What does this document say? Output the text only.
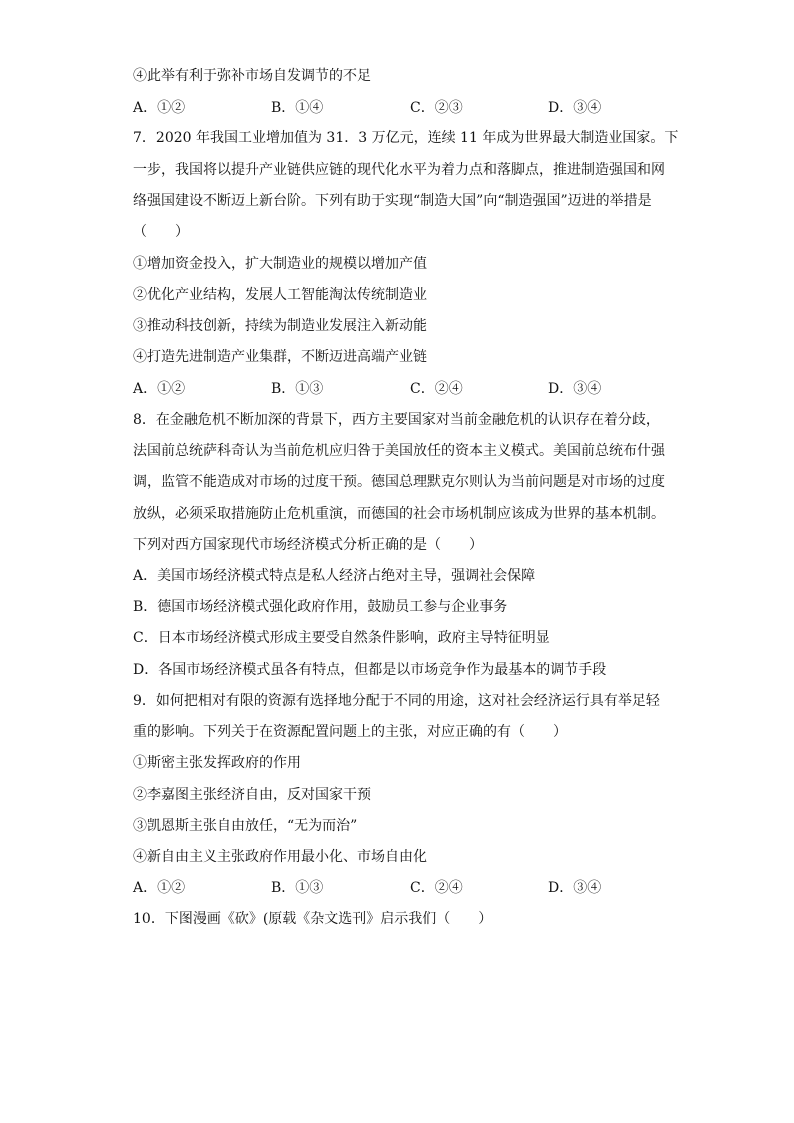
④此举有利于弥补市场自发调节的不足
A．①②	B．①④	C．②③	D．③④
7．2020 年我国工业增加值为 31．3 万亿元，连续 11 年成为世界最大制造业国家。下
一步，我国将以提升产业链供应链的现代化水平为着力点和落脚点，推进制造强国和网
络强国建设不断迈上新台阶。下列有助于实现“制造大国”向“制造强国”迈进的举措是
（　　）
①增加资金投入，扩大制造业的规模以增加产值
②优化产业结构，发展人工智能淘汰传统制造业
③推动科技创新，持续为制造业发展注入新动能
④打造先进制造产业集群，不断迈进高端产业链
A．①②	B．①③	C．②④	D．③④
8．在金融危机不断加深的背景下，西方主要国家对当前金融危机的认识存在着分歧，
法国前总统萨科奇认为当前危机应归咎于美国放任的资本主义模式。美国前总统布什强
调，监管不能造成对市场的过度干预。德国总理默克尔则认为当前问题是对市场的过度
放纵，必须采取措施防止危机重演，而德国的社会市场机制应该成为世界的基本机制。
下列对西方国家现代市场经济模式分析正确的是（　　）
A．美国市场经济模式特点是私人经济占绝对主导，强调社会保障
B．德国市场经济模式强化政府作用，鼓励员工参与企业事务
C．日本市场经济模式形成主要受自然条件影响，政府主导特征明显
D．各国市场经济模式虽各有特点，但都是以市场竞争作为最基本的调节手段
9．如何把相对有限的资源有选择地分配于不同的用途，这对社会经济运行具有举足轻
重的影响。下列关于在资源配置问题上的主张，对应正确的有（　　）
①斯密主张发挥政府的作用
②李嘉图主张经济自由，反对国家干预
③凯恩斯主张自由放任，“无为而治”
④新自由主义主张政府作用最小化、市场自由化
A．①②	B．①③	C．②④	D．③④
10．下图漫画《砍》(原载《杂文选刊》启示我们（　　）
